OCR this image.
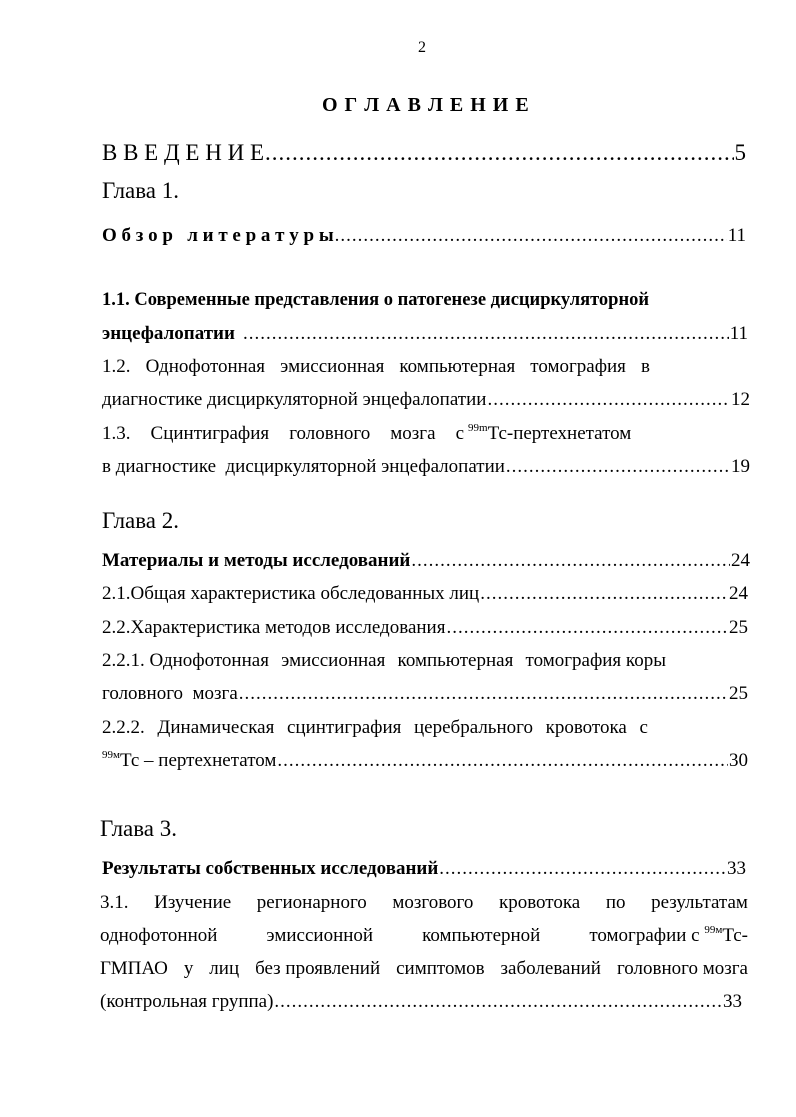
2
О Г Л А В Л Е Н И Е
В В Е Д Е Н И Е .....	5
Глава 1.
О б з о р   л и т е р а т у р ы .....	11
1.1. Современные представления о патогенезе дисциркуляторной
энцефалопатии .....	11
1.2. Однофотонная эмиссионная компьютерная томография в
диагностике дисциркуляторной энцефалопатии .....	12
1.3. Сцинтиграфия головного мозга с $^{99m}$Тс-пертехнетатом
в диагностике  дисциркуляторной энцефалопатии .....	19
Глава 2.
Материалы и методы исследований .....	24
2.1. Общая характеристика обследованных лиц .....	24
2.2. Характеристика методов исследования .....	25
2.2.1. Однофотонная эмиссионная компьютерная томография коры
головного  мозга .....	25
2.2.2. Динамическая сцинтиграфия церебрального кровотока с
$^{99м}$Тс – пертехнетатом .....	30
Глава 3.
Результаты собственных исследований .....	33
3.1. Изучение регионарного мозгового кровотока по результатам
однофотонной	эмиссионной	компьютерной	томографии с $^{99м}$Тс-
ГМПАО у лиц без проявлений симптомов заболеваний головного мозга
(контрольная группа) .....	33
